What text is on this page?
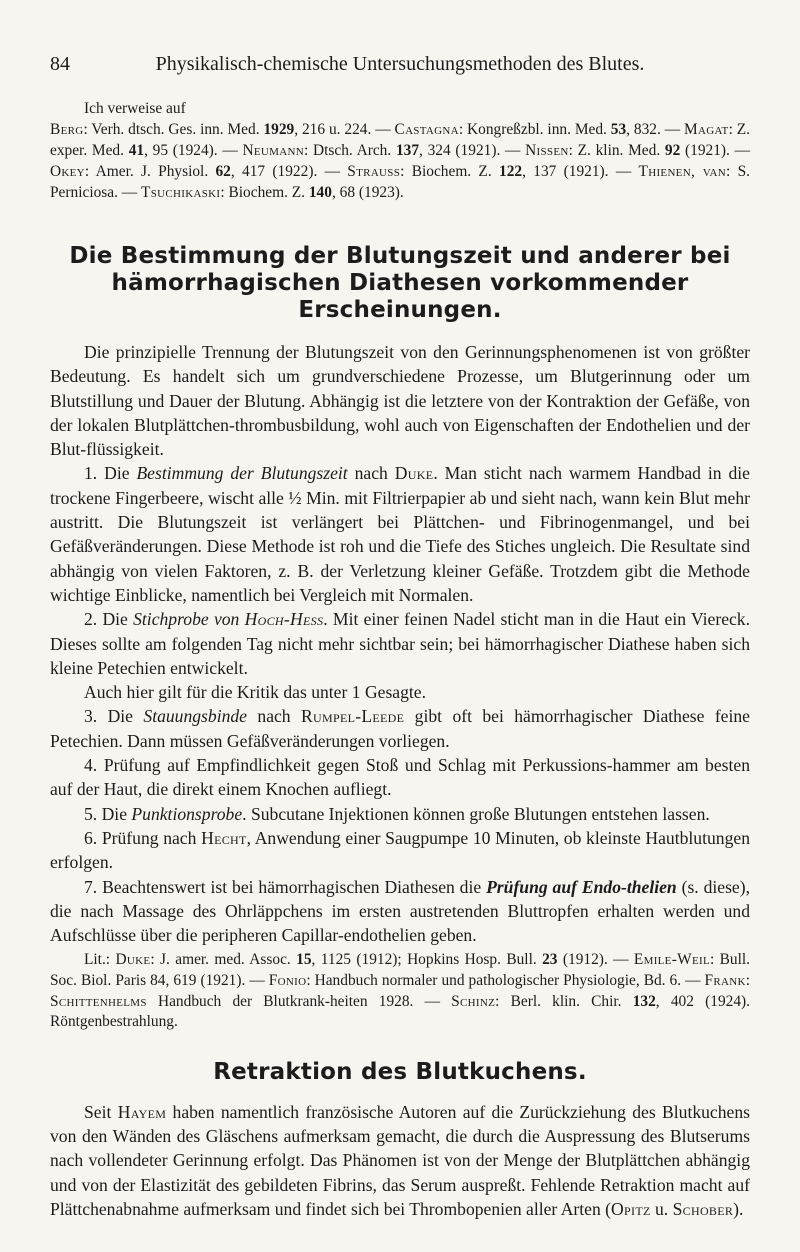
84	Physikalisch-chemische Untersuchungsmethoden des Blutes.

Ich verweise auf
Berg: Verh. dtsch. Ges. inn. Med. 1929, 216 u. 224. — Castagna: Kongreßzbl. inn. Med. 53, 832. — Magat: Z. exper. Med. 41, 95 (1924). — Neumann: Dtsch. Arch. 137, 324 (1921). — Nissen: Z. klin. Med. 92 (1921). — Okey: Amer. J. Physiol. 62, 417 (1922). — Strauss: Biochem. Z. 122, 137 (1921). — Thienen, van: S. Perniciosa. — Tsuchikaski: Biochem. Z. 140, 68 (1923).

Die Bestimmung der Blutungszeit und anderer bei hämorrhagischen Diathesen vorkommender Erscheinungen.

Die prinzipielle Trennung der Blutungszeit von den Gerinnungsphenomenen ist von größter Bedeutung. Es handelt sich um grundverschiedene Prozesse, um Blutgerinnung oder um Blutstillung und Dauer der Blutung. Abhängig ist die letztere von der Kontraktion der Gefäße, von der lokalen Blutplättchen-thrombusbildung, wohl auch von Eigenschaften der Endothelien und der Blut-flüssigkeit.

1. Die Bestimmung der Blutungszeit nach Duke. Man sticht nach warmem Handbad in die trockene Fingerbeere, wischt alle ½ Min. mit Filtrierpapier ab und sieht nach, wann kein Blut mehr austritt. Die Blutungszeit ist verlängert bei Plättchen- und Fibrinogenmangel, und bei Gefäßveränderungen. Diese Methode ist roh und die Tiefe des Stiches ungleich. Die Resultate sind abhängig von vielen Faktoren, z. B. der Verletzung kleiner Gefäße. Trotzdem gibt die Methode wichtige Einblicke, namentlich bei Vergleich mit Normalen.

2. Die Stichprobe von Hoch-Hess. Mit einer feinen Nadel sticht man in die Haut ein Viereck. Dieses sollte am folgenden Tag nicht mehr sichtbar sein; bei hämorrhagischer Diathese haben sich kleine Petechien entwickelt.

Auch hier gilt für die Kritik das unter 1 Gesagte.

3. Die Stauungsbinde nach Rumpel-Leede gibt oft bei hämorrhagischer Diathese feine Petechien. Dann müssen Gefäßveränderungen vorliegen.

4. Prüfung auf Empfindlichkeit gegen Stoß und Schlag mit Perkussions-hammer am besten auf der Haut, die direkt einem Knochen aufliegt.

5. Die Punktionsprobe. Subcutane Injektionen können große Blutungen entstehen lassen.

6. Prüfung nach Hecht, Anwendung einer Saugpumpe 10 Minuten, ob kleinste Hautblutungen erfolgen.

7. Beachtenswert ist bei hämorrhagischen Diathesen die Prüfung auf Endo-thelien (s. diese), die nach Massage des Ohrläppchens im ersten austretenden Bluttropfen erhalten werden und Aufschlüsse über die peripheren Capillar-endothelien geben.

Lit.: Duke: J. amer. med. Assoc. 15, 1125 (1912); Hopkins Hosp. Bull. 23 (1912). — Emile-Weil: Bull. Soc. Biol. Paris 84, 619 (1921). — Fonio: Handbuch normaler und pathologischer Physiologie, Bd. 6. — Frank: Schittenhelms Handbuch der Blutkrank-heiten 1928. — Schinz: Berl. klin. Chir. 132, 402 (1924). Röntgenbestrahlung.

Retraktion des Blutkuchens.

Seit Hayem haben namentlich französische Autoren auf die Zurückziehung des Blutkuchens von den Wänden des Gläschens aufmerksam gemacht, die durch die Auspressung des Blutserums nach vollendeter Gerinnung erfolgt. Das Phänomen ist von der Menge der Blutplättchen abhängig und von der Elastizität des gebildeten Fibrins, das Serum auspreßt. Fehlende Retraktion macht auf Plättchenabnahme aufmerksam und findet sich bei Thrombopenien aller Arten (Opitz u. Schober).
